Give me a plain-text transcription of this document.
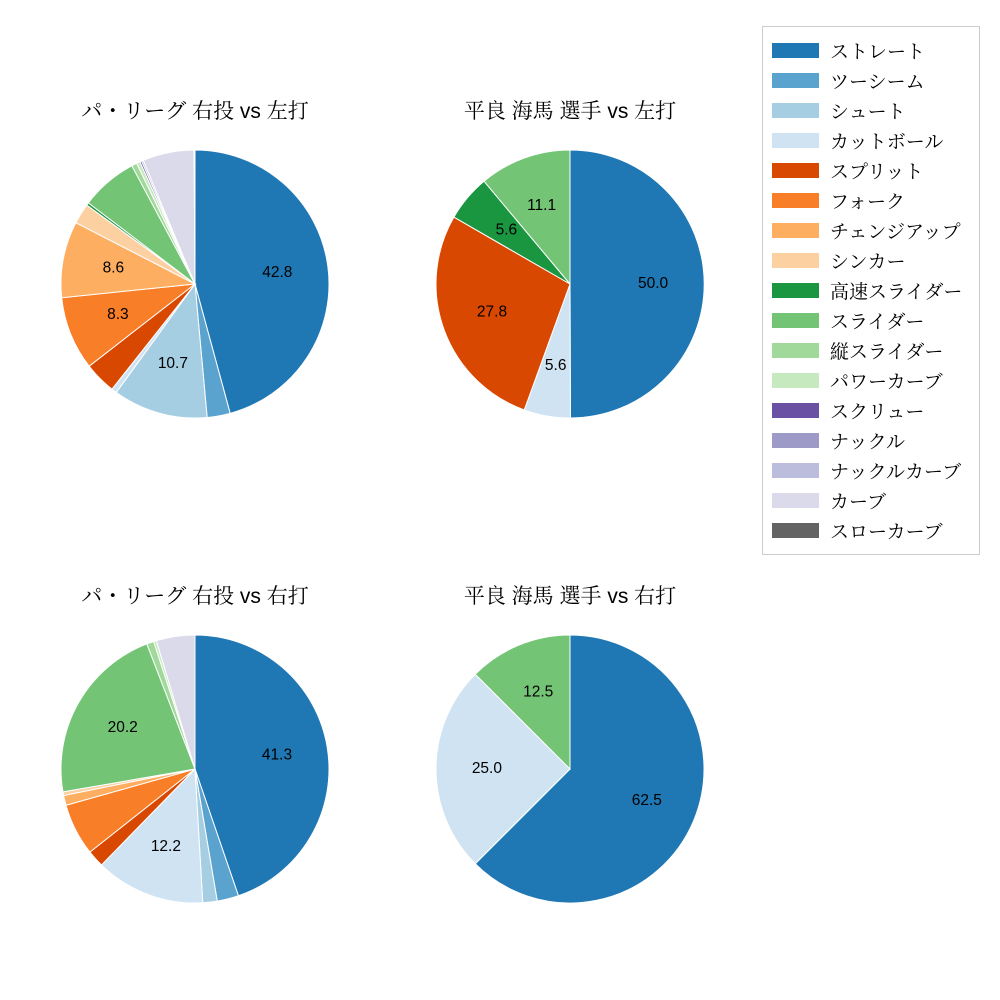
パ・リーグ 右投 vs 左打
42.8
10.7
8.3
8.6
平良 海馬 選手 vs 左打
50.0
5.6
27.8
5.6
11.1
パ・リーグ 右投 vs 右打
41.3
12.2
20.2
平良 海馬 選手 vs 右打
62.5
25.0
12.5
ストレート
ツーシーム
シュート
カットボール
スプリット
フォーク
チェンジアップ
シンカー
高速スライダー
スライダー
縦スライダー
パワーカーブ
スクリュー
ナックル
ナックルカーブ
カーブ
スローカーブ
